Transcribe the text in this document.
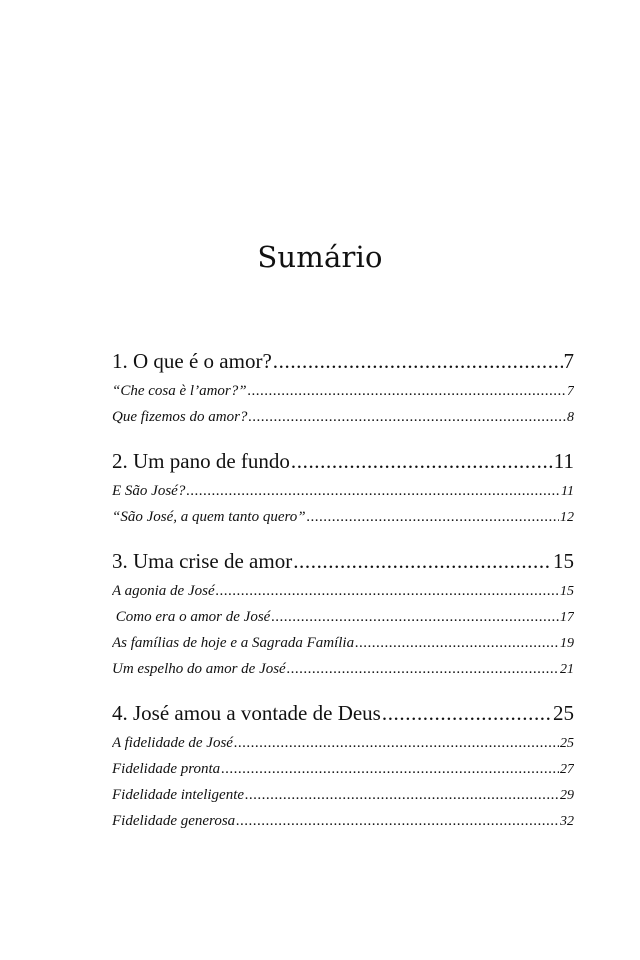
Sumário
1. O que é o amor? .....	7
“Che cosa è l’amor?” .....	7
Que fizemos do amor? .....	8
2. Um pano de fundo .....	11
E São José? .....	11
“São José, a quem tanto quero” .....	12
3. Uma crise de amor .....	15
A agonia de José .....	15
Como era o amor de José .....	17
As famílias de hoje e a Sagrada Família .....	19
Um espelho do amor de José .....	21
4. José amou a vontade de Deus .....	25
A fidelidade de José .....	25
Fidelidade pronta .....	27
Fidelidade inteligente .....	29
Fidelidade generosa .....	32
